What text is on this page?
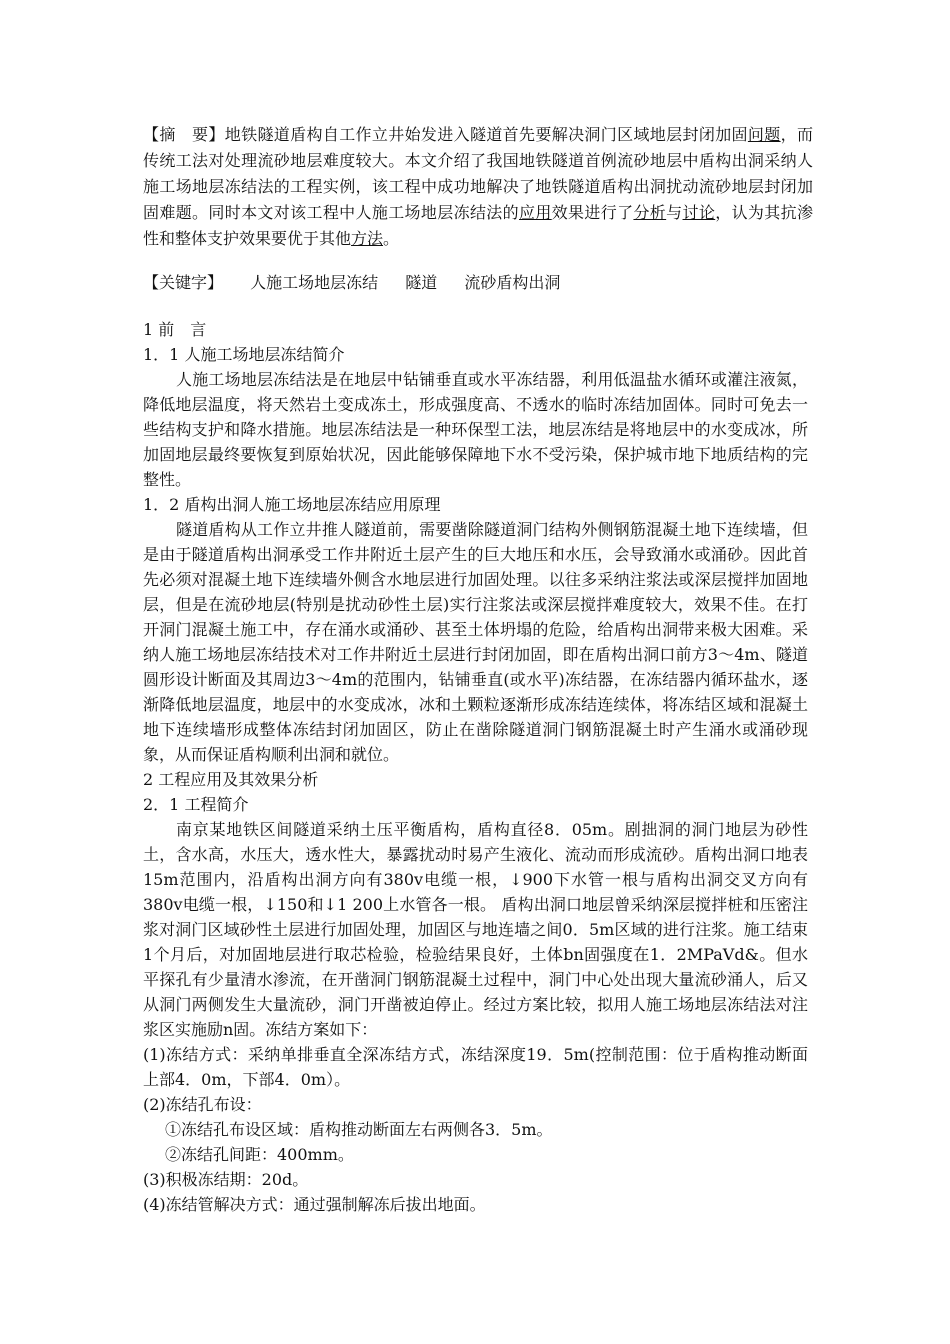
【摘　要】地铁隧道盾构自工作立井始发进入隧道首先要解决洞门区域地层封闭加固问题，而传统工法对处理流砂地层难度较大。本文介绍了我国地铁隧道首例流砂地层中盾构出洞采纳人施工场地层冻结法的工程实例，该工程中成功地解决了地铁隧道盾构出洞扰动流砂地层封闭加固难题。同时本文对该工程中人施工场地层冻结法的应用效果进行了分析与讨论，认为其抗渗性和整体支护效果要优于其他方法。
【关键字】 人施工场地层冻结 隧道 流砂盾构出洞
1 前　言
1．1 人施工场地层冻结简介

人施工场地层冻结法是在地层中钻铺垂直或水平冻结器，利用低温盐水循环或灌注液氮，降低地层温度，将天然岩土变成冻土，形成强度高、不透水的临时冻结加固体。同时可免去一些结构支护和降水措施。地层冻结法是一种环保型工法，地层冻结是将地层中的水变成冰，所加固地层最终要恢复到原始状况，因此能够保障地下水不受污染，保护城市地下地质结构的完整性。

1．2 盾构出洞人施工场地层冻结应用原理

隧道盾构从工作立井推人隧道前，需要凿除隧道洞门结构外侧钢筋混凝土地下连续墙，但是由于隧道盾构出洞承受工作井附近土层产生的巨大地压和水压，会导致涌水或涌砂。因此首先必须对混凝土地下连续墙外侧含水地层进行加固处理。以往多采纳注浆法或深层搅拌加固地层，但是在流砂地层(特别是扰动砂性土层)实行注浆法或深层搅拌难度较大，效果不佳。在打开洞门混凝土施工中，存在涌水或涌砂、甚至土体坍塌的危险，给盾构出洞带来极大困难。采纳人施工场地层冻结技术对工作井附近土层进行封闭加固，即在盾构出洞口前方3～4m、隧道圆形设计断面及其周边3～4m的范围内，钻铺垂直(或水平)冻结器，在冻结器内循环盐水，逐渐降低地层温度，地层中的水变成冰，冰和土颗粒逐渐形成冻结连续体，将冻结区域和混凝土地下连续墙形成整体冻结封闭加固区，防止在凿除隧道洞门钢筋混凝土时产生涌水或涌砂现象，从而保证盾构顺利出洞和就位。

2 工程应用及其效果分析
2．1 工程简介

南京某地铁区间隧道采纳土压平衡盾构，盾构直径8．05m。剧拙洞的洞门地层为砂性土，含水高，水压大，透水性大，暴露扰动时易产生液化、流动而形成流砂。盾构出洞口地表15m范围内，沿盾构出洞方向有380v电缆一根，↓900下水管一根与盾构出洞交叉方向有380v电缆一根，↓150和↓1 200上水管各一根。 盾构出洞口地层曾采纳深层搅拌桩和压密注浆对洞门区域砂性土层进行加固处理，加固区与地连墙之间0．5m区域的进行注浆。施工结束1个月后，对加固地层进行取芯检验，检验结果良好，土体bn固强度在1．2MPaVd&。但水平探孔有少量清水渗流，在开凿洞门钢筋混凝土过程中，洞门中心处出现大量流砂涌人，后又从洞门两侧发生大量流砂，洞门开凿被迫停止。经过方案比较，拟用人施工场地层冻结法对注浆区实施励n固。冻结方案如下：

(1)冻结方式：采纳单排垂直全深冻结方式，冻结深度19．5m(控制范围：位于盾构推动断面上部4．0m，下部4．0m）。

(2)冻结孔布设：
①冻结孔布设区域：盾构推动断面左右两侧各3．5m。
②冻结孔间距：400mm。
(3)积极冻结期：20d。
(4)冻结管解决方式：通过强制解冻后拔出地面。
